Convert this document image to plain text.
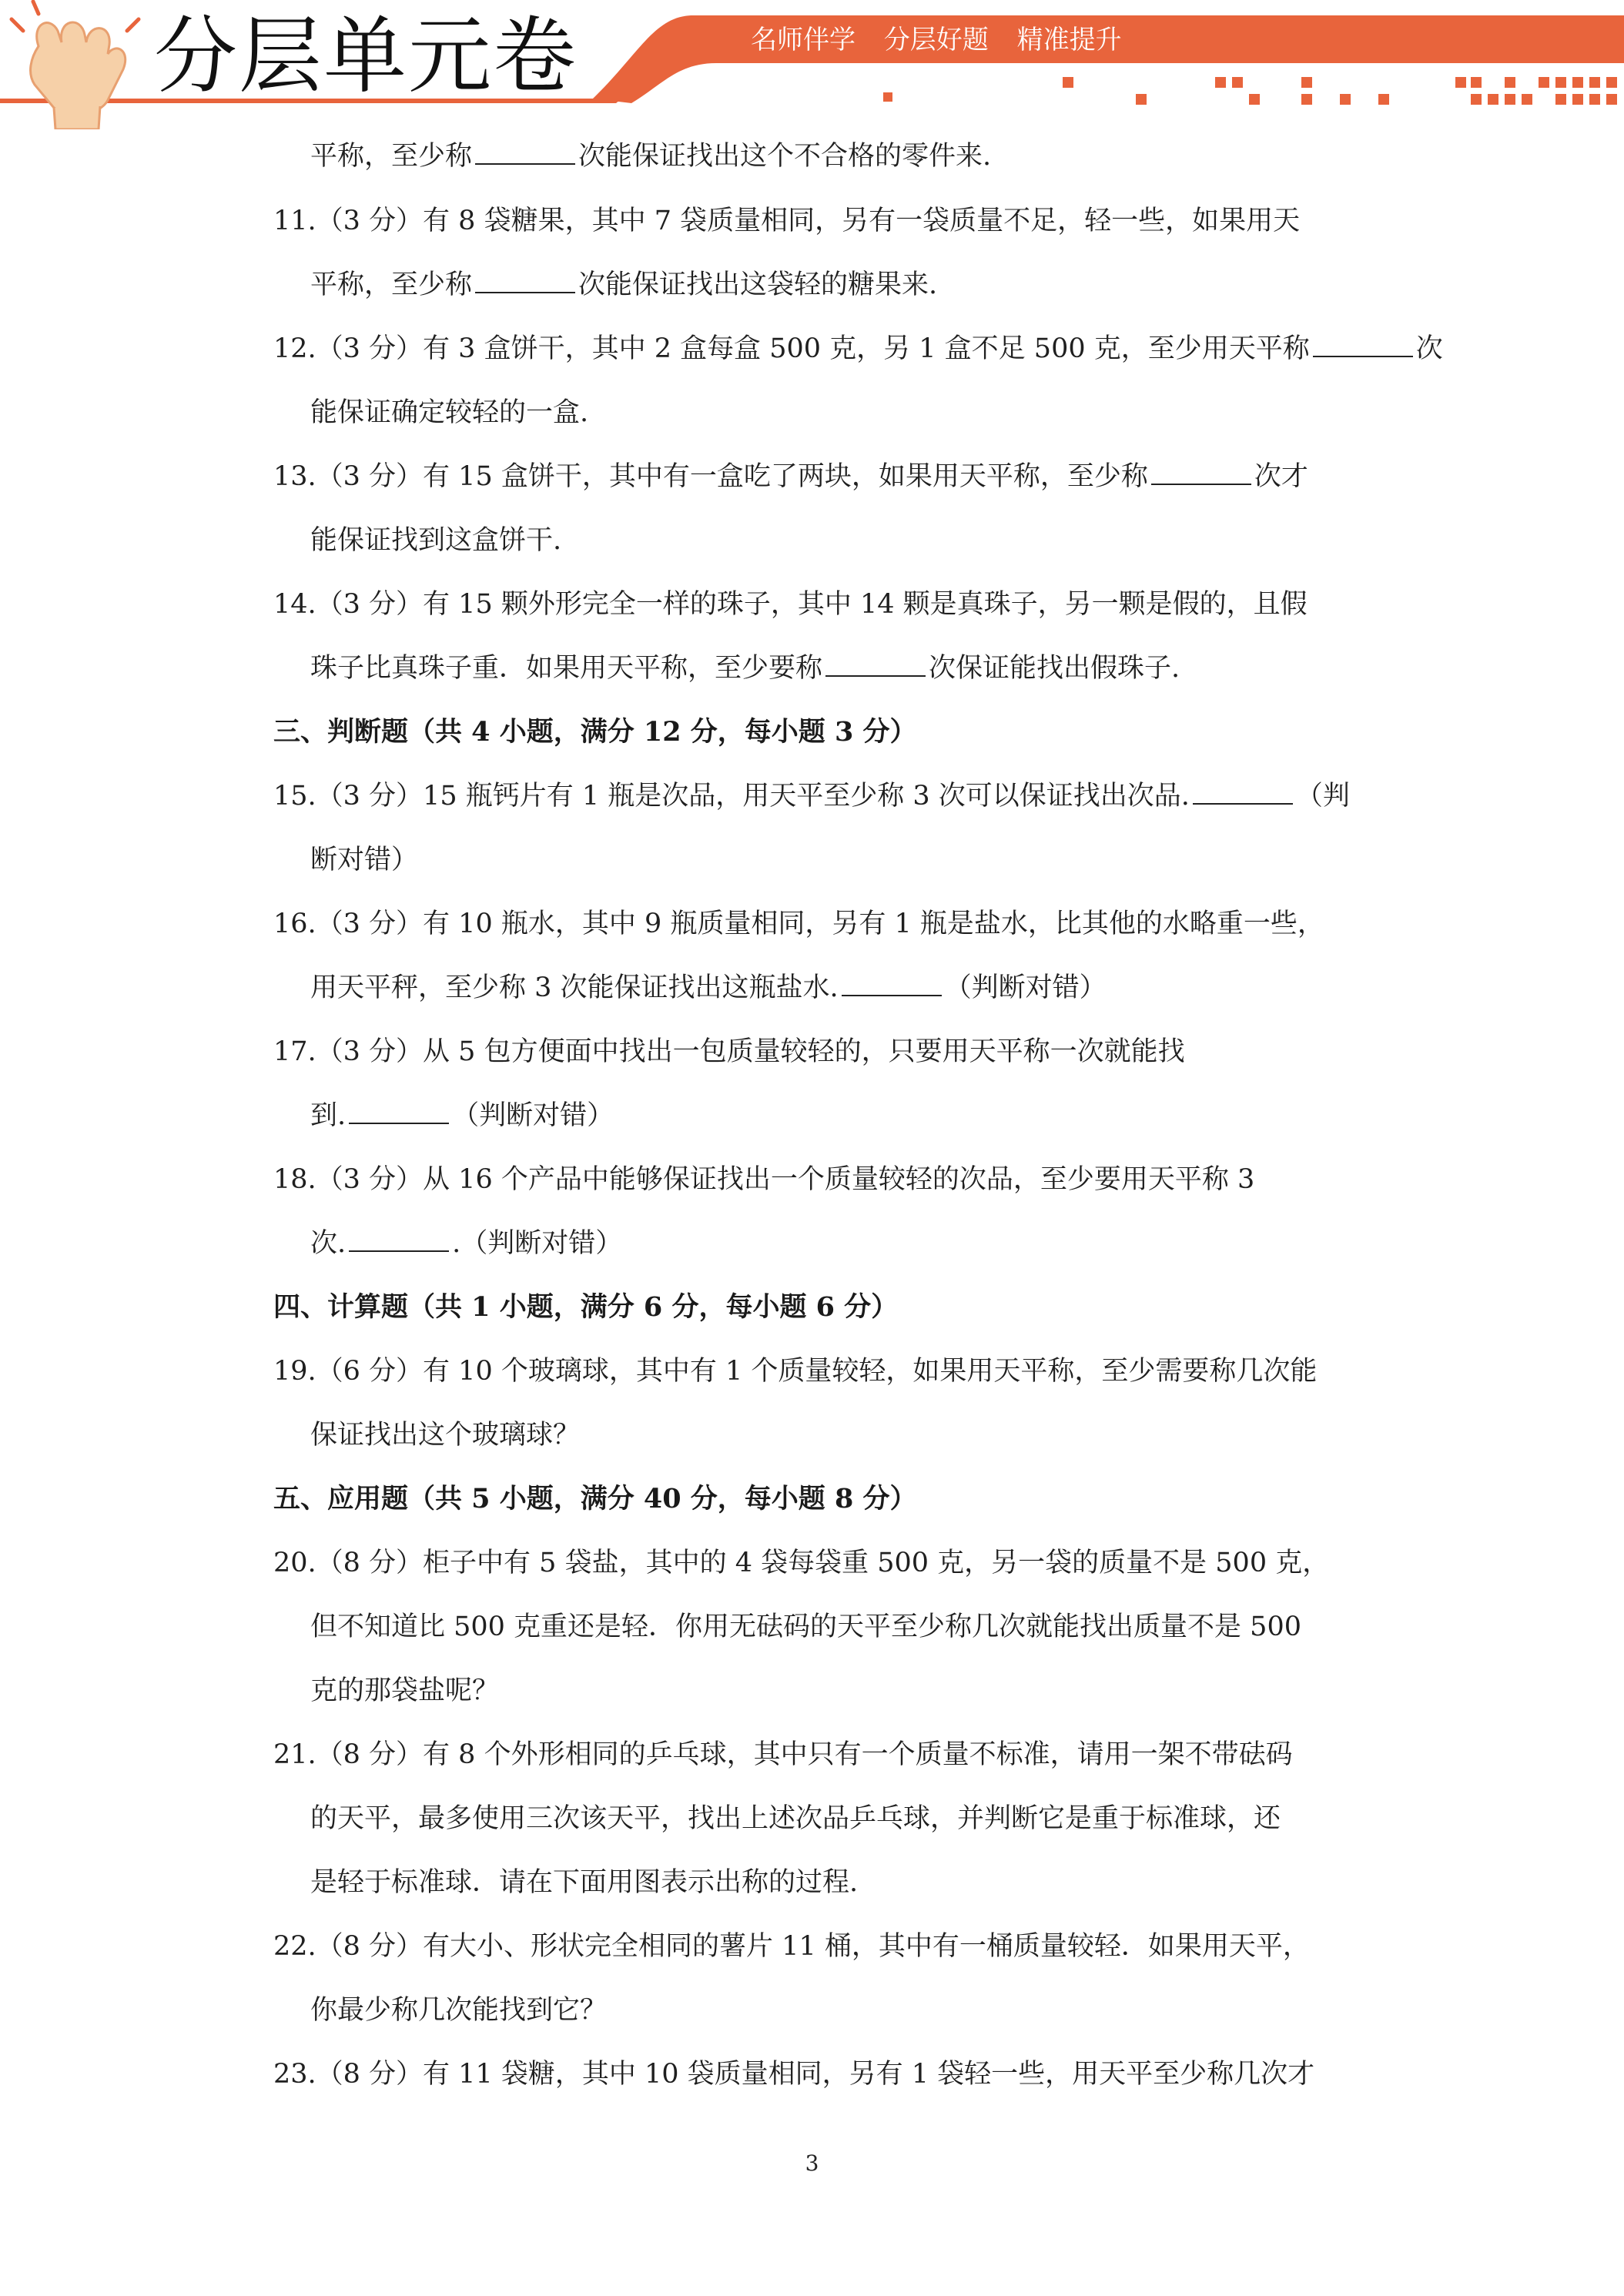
分层单元卷	名师伴学 分层好题 精准提升
平称，至少称	次能保证找出这个不合格的零件来.
11.（3 分）有 8 袋糖果，其中 7 袋质量相同，另有一袋质量不足，轻一些，如果用天
平称，至少称	次能保证找出这袋轻的糖果来.
12.（3 分）有 3 盒饼干，其中 2 盒每盒 500 克，另 1 盒不足 500 克，至少用天平称	次
能保证确定较轻的一盒.
13.（3 分）有 15 盒饼干，其中有一盒吃了两块，如果用天平称，至少称	次才
能保证找到这盒饼干.
14.（3 分）有 15 颗外形完全一样的珠子，其中 14 颗是真珠子，另一颗是假的，且假
珠子比真珠子重．如果用天平称，至少要称	次保证能找出假珠子.
三、判断题（共 4 小题，满分 12 分，每小题 3 分）
15.（3 分）15 瓶钙片有 1 瓶是次品，用天平至少称 3 次可以保证找出次品.	（判
断对错）
16.（3 分）有 10 瓶水，其中 9 瓶质量相同，另有 1 瓶是盐水，比其他的水略重一些，
用天平秤，至少称 3 次能保证找出这瓶盐水.	（判断对错）
17.（3 分）从 5 包方便面中找出一包质量较轻的，只要用天平称一次就能找
到.	（判断对错）
18.（3 分）从 16 个产品中能够保证找出一个质量较轻的次品，至少要用天平称 3
次.	.（判断对错）
四、计算题（共 1 小题，满分 6 分，每小题 6 分）
19.（6 分）有 10 个玻璃球，其中有 1 个质量较轻，如果用天平称，至少需要称几次能
保证找出这个玻璃球？
五、应用题（共 5 小题，满分 40 分，每小题 8 分）
20.（8 分）柜子中有 5 袋盐，其中的 4 袋每袋重 500 克，另一袋的质量不是 500 克，
但不知道比 500 克重还是轻．你用无砝码的天平至少称几次就能找出质量不是 500
克的那袋盐呢？
21.（8 分）有 8 个外形相同的乒乓球，其中只有一个质量不标准，请用一架不带砝码
的天平，最多使用三次该天平，找出上述次品乒乓球，并判断它是重于标准球，还
是轻于标准球．请在下面用图表示出称的过程.
22.（8 分）有大小、形状完全相同的薯片 11 桶，其中有一桶质量较轻．如果用天平，
你最少称几次能找到它？
23.（8 分）有 11 袋糖，其中 10 袋质量相同，另有 1 袋轻一些，用天平至少称几次才
3
